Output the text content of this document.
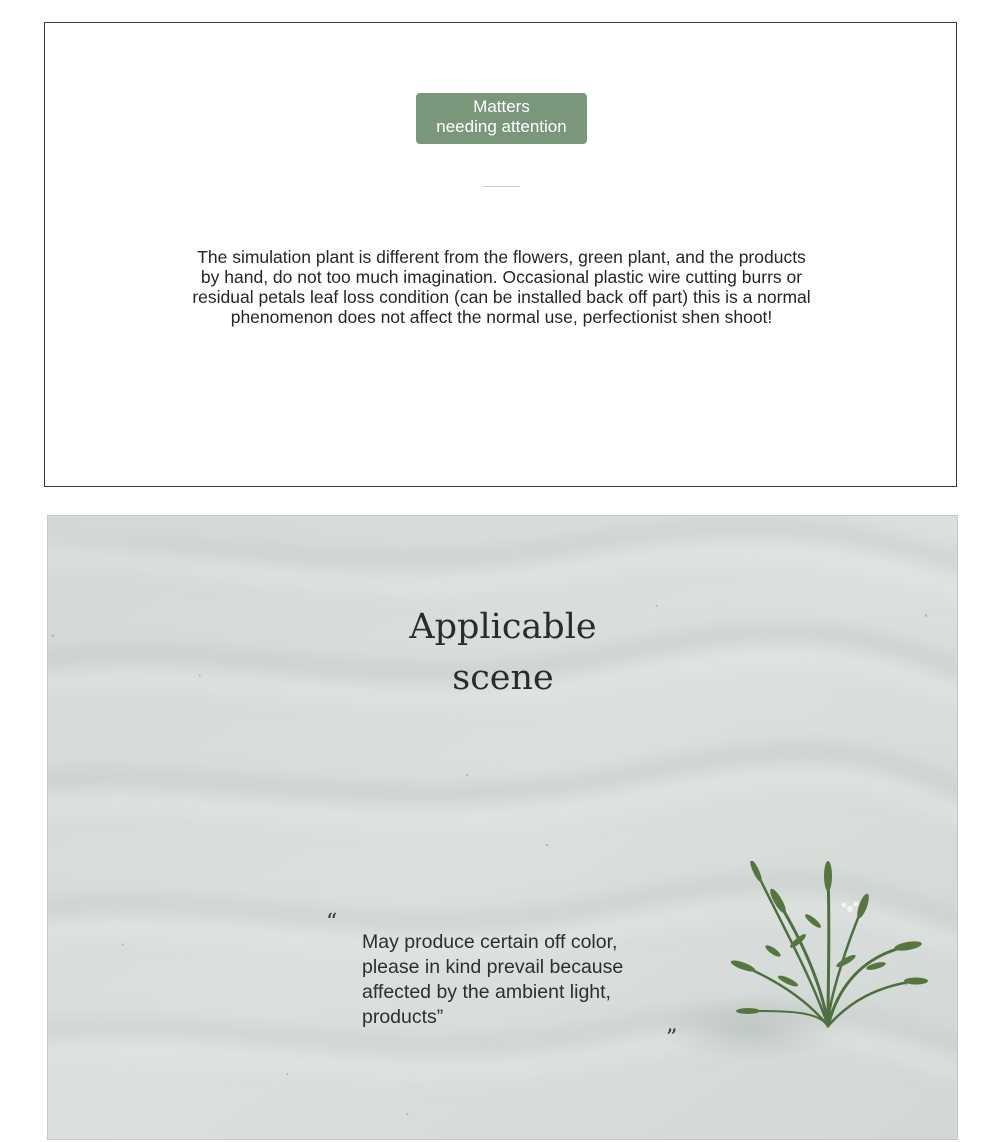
Matters
needing attention

The simulation plant is different from the flowers, green plant, and the products
by hand, do not too much imagination. Occasional plastic wire cutting burrs or
residual petals leaf loss condition (can be installed back off part) this is a normal
phenomenon does not affect the normal use, perfectionist shen shoot!

Applicable
scene
“

May produce certain off color,
please in kind prevail because
affected by the ambient light,
products”

”
